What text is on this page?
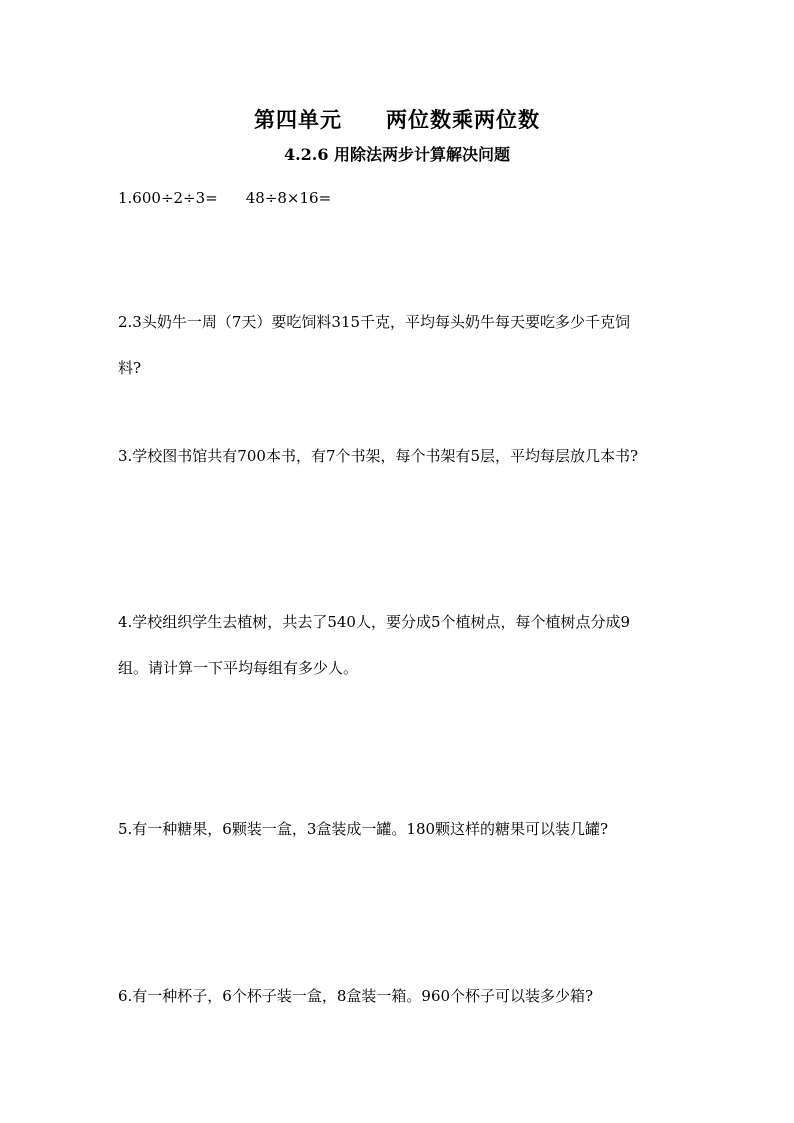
第四单元 两位数乘两位数
4.2.6 用除法两步计算解决问题
1.600÷2÷3= 48÷8×16=
2.3头奶牛一周（7天）要吃饲料315千克，平均每头奶牛每天要吃多少千克饲
料?
3.学校图书馆共有700本书，有7个书架，每个书架有5层，平均每层放几本书?
4.学校组织学生去植树，共去了540人，要分成5个植树点，每个植树点分成9
组。请计算一下平均每组有多少人。
5.有一种糖果，6颗装一盒，3盒装成一罐。180颗这样的糖果可以装几罐?
6.有一种杯子，6个杯子装一盒，8盒装一箱。960个杯子可以装多少箱?
